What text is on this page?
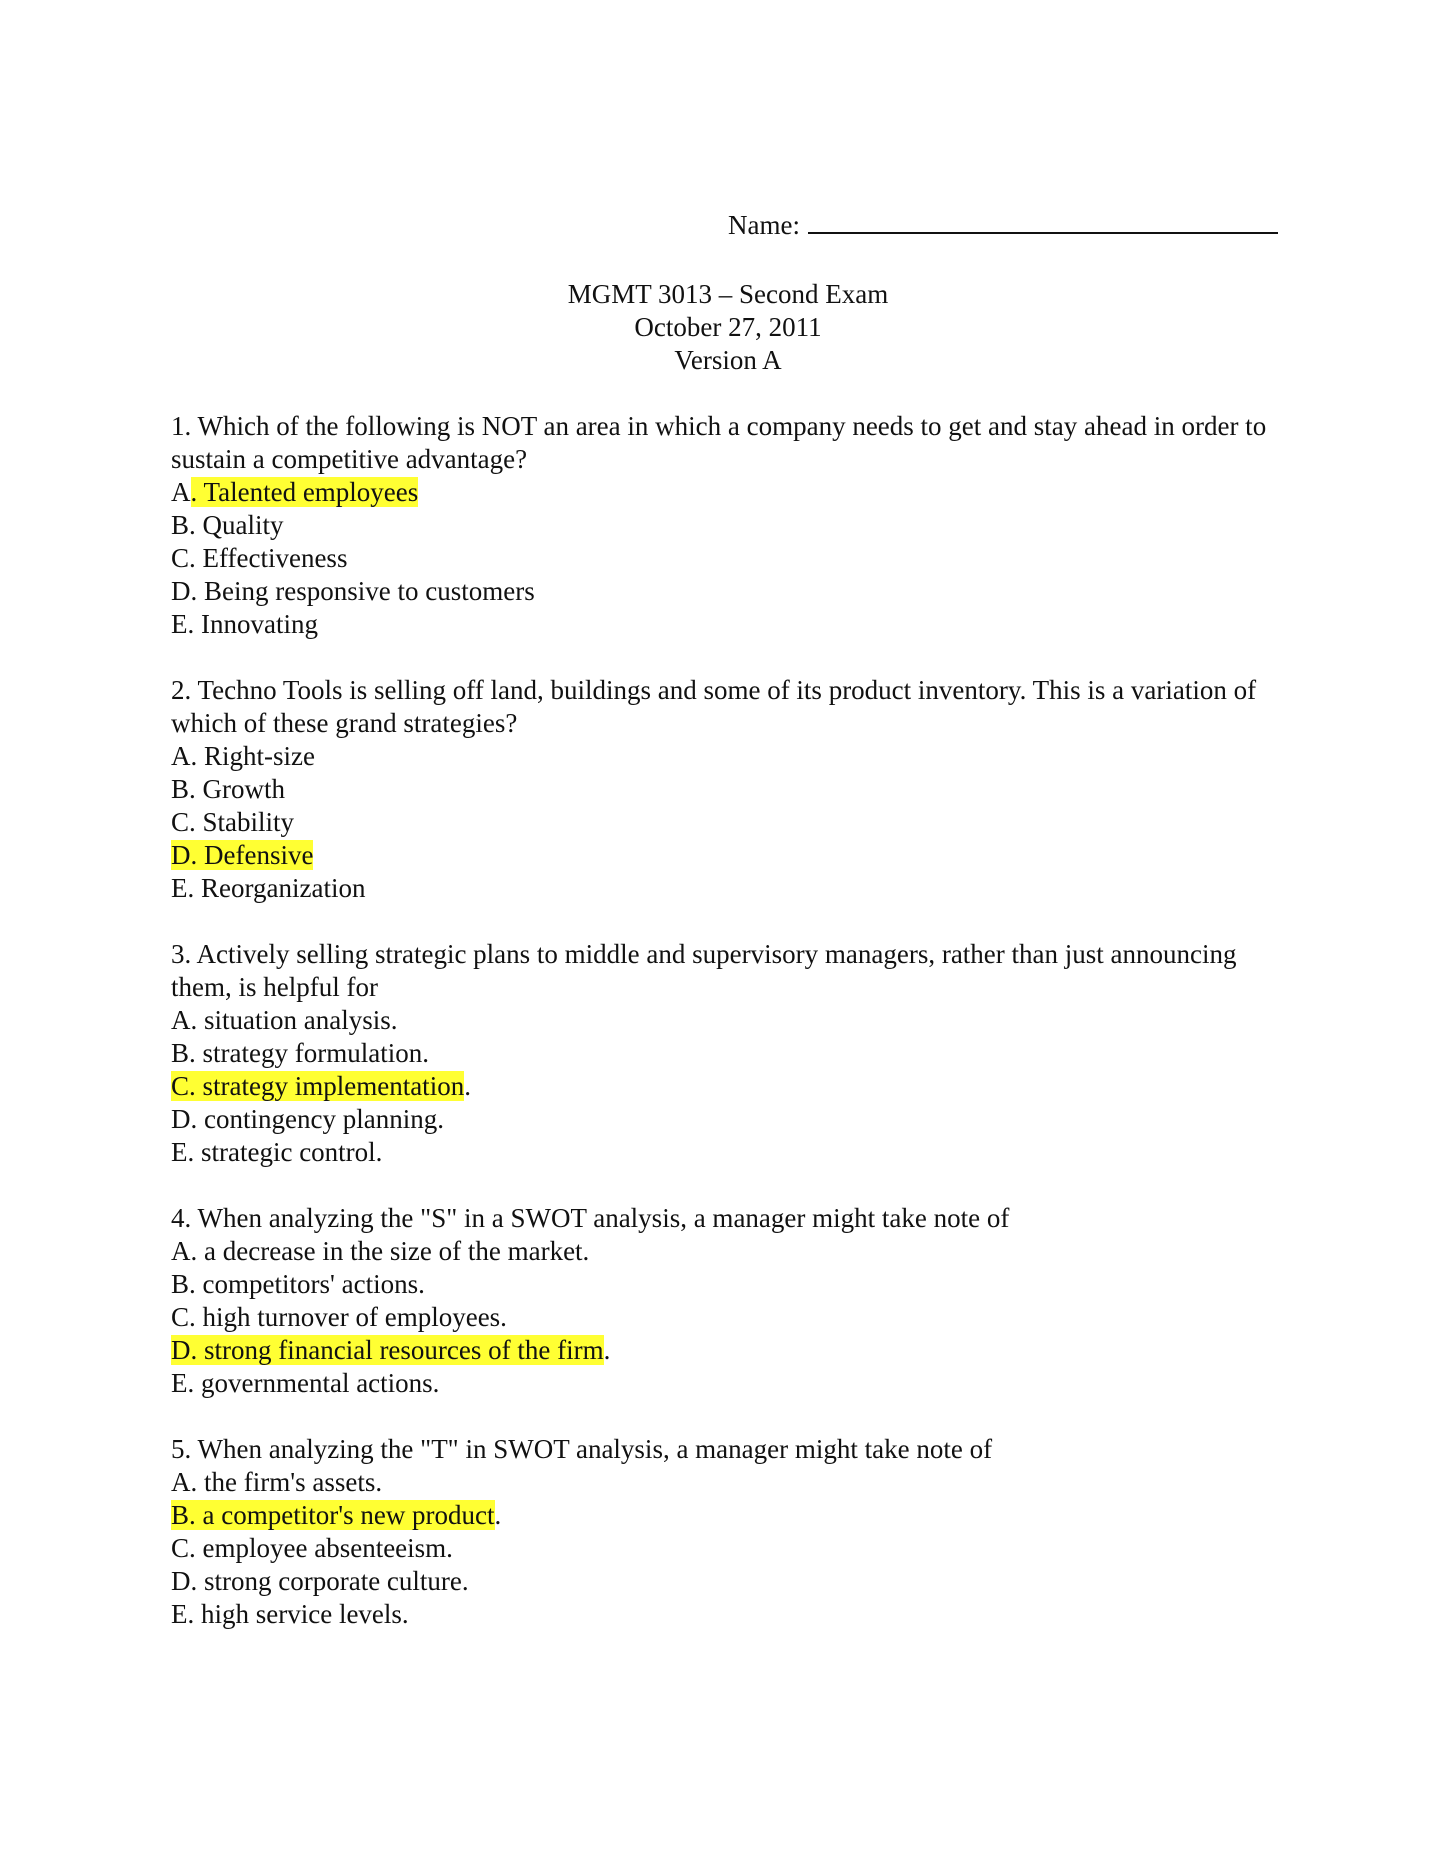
Name:
MGMT 3013 – Second Exam
October 27, 2011
Version A
1. Which of the following is NOT an area in which a company needs to get and stay ahead in order to sustain a competitive advantage?
A. Talented employees
B. Quality
C. Effectiveness
D. Being responsive to customers
E. Innovating
2. Techno Tools is selling off land, buildings and some of its product inventory. This is a variation of which of these grand strategies?
A. Right-size
B. Growth
C. Stability
D. Defensive
E. Reorganization
3. Actively selling strategic plans to middle and supervisory managers, rather than just announcing them, is helpful for
A. situation analysis.
B. strategy formulation.
C. strategy implementation.
D. contingency planning.
E. strategic control.
4. When analyzing the "S" in a SWOT analysis, a manager might take note of
A. a decrease in the size of the market.
B. competitors' actions.
C. high turnover of employees.
D. strong financial resources of the firm.
E. governmental actions.
5. When analyzing the "T" in SWOT analysis, a manager might take note of
A. the firm's assets.
B. a competitor's new product.
C. employee absenteeism.
D. strong corporate culture.
E. high service levels.
